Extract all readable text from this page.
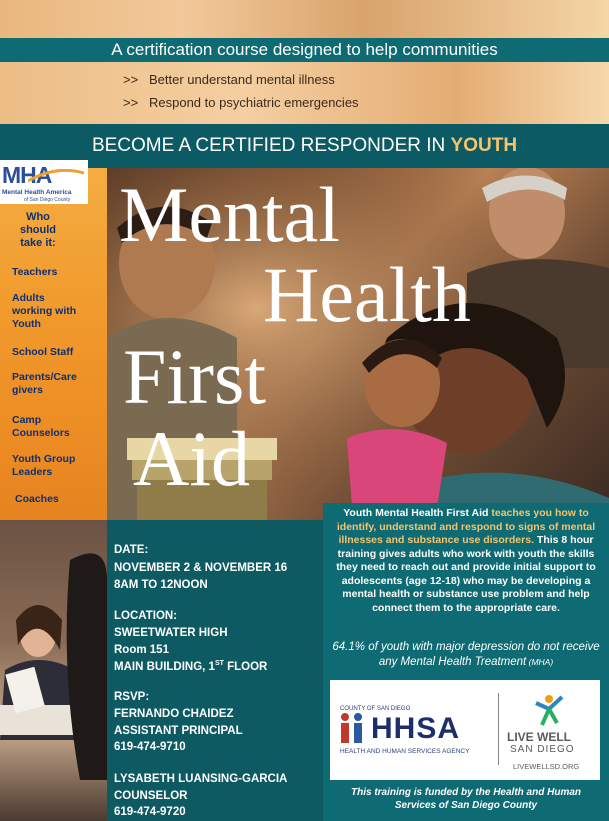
A certification course designed to help communities
>> Better understand mental illness
>> Respond to psychiatric emergencies
BECOME A CERTIFIED RESPONDER IN YOUTH
Mental
Health
First
Aid
MHA
Mental Health America
of San Diego County
Who should take it:
Teachers
Adults working with Youth
School Staff
Parents/Care givers
Camp Counselors
Youth Group Leaders
Coaches
DATE:
NOVEMBER 2 & NOVEMBER 16
8AM TO 12NOON
LOCATION:
SWEETWATER HIGH
Room 151
MAIN BUILDING, 1ST FLOOR
RSVP:
FERNANDO CHAIDEZ
ASSISTANT PRINCIPAL
619-474-9710
LYSABETH LUANSING-GARCIA
COUNSELOR
619-474-9720
Youth Mental Health First Aid teaches you how to identify, understand and respond to signs of mental illnesses and substance use disorders. This 8 hour training gives adults who work with youth the skills they need to reach out and provide initial support to adolescents (age 12-18) who may be developing a mental health or substance use problem and help connect them to the appropriate care.
64.1% of youth with major depression do not receive any Mental Health Treatment (MHA)
COUNTY OF SAN DIEGO
HHSA
HEALTH AND HUMAN SERVICES AGENCY
LIVE WELL
SAN DIEGO
LIVEWELLSD.ORG
This training is funded by the Health and Human Services of San Diego County
